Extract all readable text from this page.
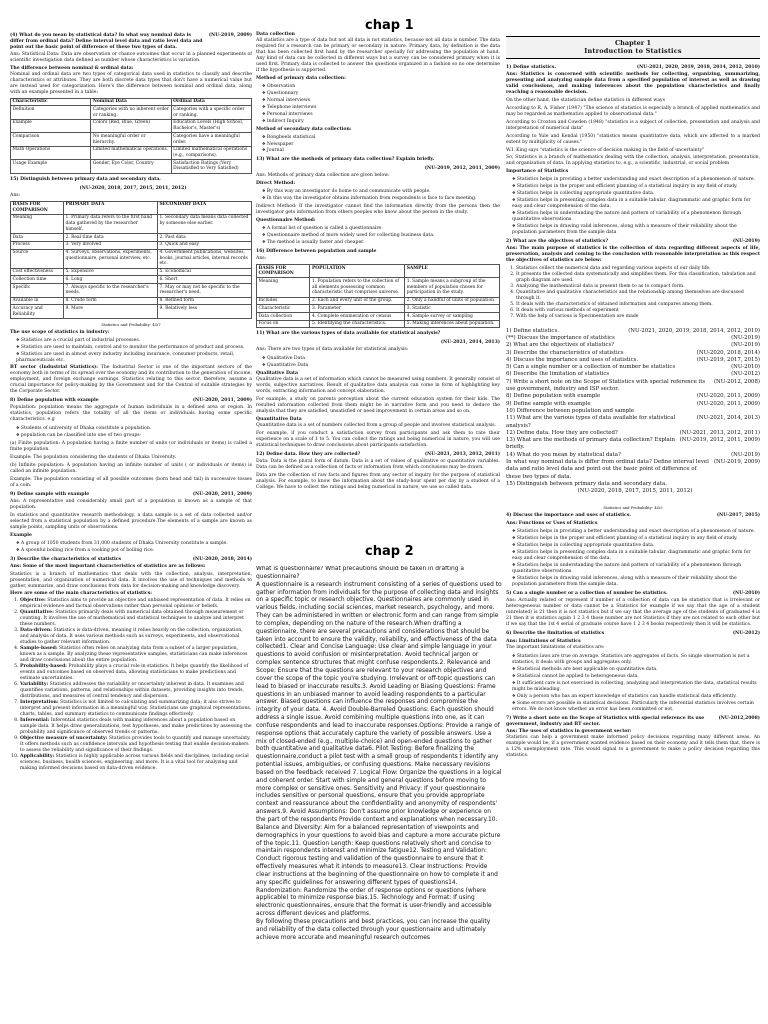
chap 1
chap 2
(4) What do you mean by statistical data? In what way nominal data is differ from ordinal data? Define interval level data and ratio level data and point out the basic point of difference of these two types of data.
(NU-2019, 2009)
Ans: Statistical Data: Data are observation or chance outcomes that occur in a planned experiments of scientific investigation data defined as number whose characteristics is variation.
The difference between nominal & ordinal data:
Nominal and ordinal data are two types of categorical data used in statistics to classify and describe characteristics or attributes. They are both discrete data types that don't have a numerical value but are instead used for categorization. Here's the difference between nominal and ordinal data, along with an example presented in a table:
Characteristic	Nominal Data	Ordinal Data
Definition	Categories with no inherent order or ranking.	Categories with a specific order or ranking.
Example	Colors (Red, Blue, Green)	Education Levels (High School, Bachelor's, Master's)
Comparison	No meaningful order or hierarchy.	Categories have a meaningful order.
Math Operations	Limited mathematical operations.	Limited mathematical operations (e.g., comparisons).
Usage Example	Gender, Eye Color, Country	Satisfaction Ratings (Very Dissatisfied to Very Satisfied)
15) Distinguish between primary data and secondary data.
(NU-2020, 2018, 2017, 2015, 2011, 2012)
Ans:
BASIS FOR COMPARISON	PRIMARY DATA	SECONDARY DATA
Meaning	1. Primary data refers to the first hand data gathered by the researcher himself.	1. Secondary data means data collected by someone else earlier.
Data	2. Real time data	2. Past data
Process	3. Very involved	3. Quick and easy
Source	4. Surveys, observations, experiments, questionnaire, personal interview, etc.	4. Government publications, websites, books, journal articles, internal records etc.
Cost effectiveness	5. Expensive	5. Economical
Collection time	6. Long	6. Short
Specific	7. Always specific to the researcher's needs.	7. May or may not be specific to the researcher's need.
Available in	8. Crude form	8. Refined form
Accuracy and Reliability	9. More	9. Relatively less
Statistics and Probability- 4&7
The use scope of statistics in industry:
❖ Statistics are a crucial part of industrial processes.
❖ Statistics are used to maintain, control and to monitor the performance of product and process.
❖ Statistics are used in almost every industry including insurance, consumer products, retail, pharmaceuticals etc.
BT sector (Industrial Statistics): The Industrial Sector is one of the important sectors of the economy both in terms of its spread over the economy and its contribution to the generation of income, employment, and foreign exchange earnings. Statistics relating to this sector, therefore, assume a crucial importance for policy-making by the Government and for the Central of suitable strategies by the Corporate Sector.
8) Define population with example	(NU-2020, 2011, 2009)
Population: population means the aggregate of human individuals in a defined area or region. In statistics, population refers the totality of all the items or individuals having some specific characteristics. e.g
❖ Students of university of Dhaka constitute a population.
❖ population can be classified into one of two groups-
(a) Finite population: A population having a finite number of units (or individuals or items) is called a finite population.
Example: The population considering the students of Dhaka University.
(b) Infinite population: A population having an infinite number of units ( or individuals or items) is called an infinite population.
Example: The population consisting of all possible outcomes (born head and tail) in successive tosses of a coin.
9) Define sample with example	(NU-2020, 2011, 2009)
Ans: A representative and considerably small part of a population is known as a sample of that population.
In statistics and quantitative research methodology, a data sample is a set of data collected and/or selected from a statistical population by a defined procedure.The elements of a sample are known as sample points, sampling units or observations.
Example
❖ A group of 1050 students from 31,000 students of Dhaka University constitute a sample.
❖ A spoonful boiling rice from a cooking pot of boiling rice.
3) Describe the characteristics of statistics	(NU-2020, 2018, 2014)
Ans: Some of the most important characteristics of statistics are as follows:
Statistics is a branch of mathematics that deals with the collection, analysis, interpretation, presentation, and organization of numerical data. It involves the use of techniques and methods to gather, summarize, and draw conclusions from data for decision-making and knowledge discovery.
Here are some of the main characteristics of statistics:
1. Objective: Statistics aims to provide an objective and unbiased representation of data. It relies on empirical evidence and factual observations rather than personal opinions or beliefs.
2. Quantitative: Statistics primarily deals with numerical data obtained through measurement or counting. It involves the use of mathematical and statistical techniques to analyze and interpret these numbers.
3. Data-driven: Statistics is data-driven, meaning it relies heavily on the collection, organization, and analysis of data. It uses various methods such as surveys, experiments, and observational studies to gather relevant information.
4. Sample-based: Statistics often relies on analyzing data from a subset of a larger population, known as a sample. By analyzing these representative samples, statisticians can make inferences and draw conclusions about the entire population.
5. Probability-based: Probability plays a crucial role in statistics. It helps quantify the likelihood of events and outcomes based on observed data, allowing statisticians to make predictions and estimate uncertainties.
6. Variability: Statistics addresses the variability or uncertainty inherent in data. It examines and quantifies variations, patterns, and relationships within datasets, providing insights into trends, distributions, and measures of central tendency and dispersion.
7. Interpretation: Statistics is not limited to calculating and summarizing data; it also strives to interpret and present information in a meaningful way. Statisticians use graphical representations, charts, tables, and summary statistics to communicate findings effectively.
8. Inferential: Inferential statistics deals with making inferences about a population based on sample data. It helps draw generalizations, test hypotheses, and make predictions by assessing the probability and significance of observed trends or patterns.
9. Objective measure of uncertainty: Statistics provides tools to quantify and manage uncertainty. It offers methods such as confidence intervals and hypothesis testing that enable decision-makers to assess the reliability and significance of their findings.
10. Applicability: Statistics is highly applicable across various fields and disciplines, including social sciences, business, health sciences, engineering, and more. It is a vital tool for analyzing and making informed decisions based on data-driven evidence.
Data collection
All statistics are a type of data but not all data is not statistics, because not all data is number. The data required for a research can be primary or secondary in nature. Primary data, by definition is the data that has been collected first hand by the researcher specially for addressing the population at hand. Any kind of data can be collected in different ways but a survey can be considered primary when it is used first. Primary data is collected to answer the questions organized in a fashion so no one determine if the hypothesis is supported.
Method of primary data collection:
❖ Observation
❖ Questionnary
❖ Normal interviews
❖ Telephone interviews
❖ Personal interviews
❖ Indirect Inquiry
Method of secondary data collection:
❖ Rongbeels statistical
❖ Newspaper
❖ Journal
13) What are the methods of primary data collection? Explain briefly.
(NU-2019, 2012, 2011, 2009)
Ans: Methods of primary data collection are given below:
Direct Method:
❖ By this way an investigator do home to and communicate with people.
❖ In this way the investigator obtains information from respondents is face to face meeting.
Indirect Method: If the investigator cannot find the information directly from the persons then the investigator gets information from others peoples who know about the person in the study.
Questionnaire Method:
❖ A formal list of question is called a questionnaire.
❖ Questionnaire method of more widely used for collecting business data.
❖ The method is usually faster and cheaper.
16) Difference between population and sample
Ans:
BASIS FOR COMPARISON	POPULATION	SAMPLE
Meaning	1. Population refers to the collection of all elements possessing common characteristic that comprises universe.	1. Sample means a subgroup of the members of population chosen for participation in the study.
Includes	2. Each and every unit of the group.	2. Only a handful of units of population.
Characteristic	3. Parameter	3. Statistic
Data collection	4. Complete enumeration or census	4. Sample survey or sampling
Focus on	5. Identifying the characteristics.	5. Making inferences about population.
11) What are the various types of data available for statistical analysis?
(NU-2021, 2014, 2013)
Ans: There are two types of data available for statistical analysis:
❖ Qualitative Data
❖ Quantitative Data
Qualitative Data
Qualitative data is a set of information which cannot be measured using numbers. It generally consist of words, subjective narratives. Result of qualitative data analysis can come in form of highlighting key words, extracting information and concept elaboration.
For example, a study on parents perception about the current education system for their kids. The resulted information collected from them might be in narrative form and you need to deduce the analysis that they are satisfied, unsatisfied or need improvement in certain areas and so on.
Quantitative Data
Quantitative data is a set of numbers collected from a group of people and involves statistical analysis.
For example, if you conduct a satisfaction survey from participants and ask them to rate their experience on a scale of 1 to 5. You can collect the ratings and being numerical in nature, you will use statistical techniques to draw conclusions about participants satisfaction.
12) Define data. How they are collected?	(NU-2021, 2013, 2012, 2011)
Data: Data is the plural form of datum. Data is a set of values of qualitative or quantitative variables. Data can be defined as a collection of facts or information from which conclusions may be drawn.
Data are the collection of raw facts and figures from any sector of inquiry for the purpose of statistical analysis. For example, to know the information about the study-hour spent per day by a student of a College. We have to collect the ratings and being numerical in nature, we use so called data.
Chapter 1
Introduction to Statistics
1) Define statistics.	(NU-2021, 2020, 2019, 2018, 2014, 2012, 2010)
Ans: Statistics is concerned with scientific methods for collecting, organizing, summarizing, presenting and analyzing sample data from a specified population of interest as well as drawing valid conclusions, and making inferences about the population characteristics and finally reaching a reasonable decision.
On the other hand, the statistician define statistics in different ways
According to R. A. Fisher (1947) "The science of statistics is especially a branch of applied mathematics and may be regarded as mathematics applied to observational data."
According to Croxton and Cowden (1948) "statistics is a subject of collection, presentation and analysis and interpretation of numerical data"
According to Yule and Kendal (1950) "statistics means quantitative data, which are affected to a marked extent by multiplicity of causes."
W.I. King says "statistics is the science of decision making in the field of uncertainty"
So, Statistics is a branch of mathematics dealing with the collection, analysis, interpretation, presentation, and organization of data. In applying statistics to, e.g., a scientific, industrial, or social problem
Importance of Statistics
❖ Statistics helps in providing a better understanding and exact description of a phenomenon of nature.
❖ Statistics helps in the proper and efficient planning of a statistical inquiry in any field of study.
❖ Statistics helps in collecting appropriate quantitative data.
❖ Statistics helps in presenting complex data in a suitable tabular, diagrammatic and graphic form for easy and clear comprehension of the data.
❖ Statistics helps in understanding the nature and pattern of variability of a phenomenon through quantitative observations.
❖ Statistics helps in drawing valid inferences, along with a measure of their reliability about the population parameters from the sample data
2) What are the objectives of statistics?	(NU-2019)
Ans: The main purpose of statistics is the collection of data regarding different aspects of life, preservation, analysis and coming to the conclusion with reasonable interpretation as this respect the objectives of statistics are below:
1. Statistics collect the numerical data and regarding various aspects of our daily life.
2. It presents the collected data systematically and simplifies them. For this classification, tabulation and graph diagram are used.
3. Analyzing the mathematical data is present them to as to compact form.
4. Quantitative and qualitative characteristics and the relationship among themselves are discussed through it.
5. It deals with the characteristics of obtained information and compares among them.
6. It deals with various methods of experiment
7. With the help of various is Specimentation are made
1) Define statistics.	(NU-2021, 2020, 2019, 2018, 2014, 2012, 2010)
(**) Discuss the importance of statistics	(NU-2019)
2) What are the objectives of statistics?	(NU-2019)
3) Describe the characteristics of statistics	(NU-2020, 2018, 2014)
4) Discuss the importance and uses of statistics.	(NU-2019, 2017, 2015)
5) Can a single number or a collection of number be statistics	(NU-2010)
6) Describe the limitation of statistics	(NU-2012)
7) Write a short note on the Scope of Statistics with special reference its use government, industry and ISP sector.
(NU-2012, 2008)
8) Define population with example	(NU-2020, 2011, 2009)
9) Define sample with example	(NU-2020, 2011, 2009)
10) Difference between population and sample
11) What are the various types of data available for statistical analysis?
(NU-2021, 2014, 2013)
12) Define data. How they are collected?	(NU-2021, 2013, 2012, 2011)
13) What are the methods of primary data collection? Explain briefly.
(NU-2019, 2012, 2011, 2009)
14) What do you mean by statistical data?	(NU-2019)
In what way nominal data is differ from ordinal data? Define interval level data and ratio level data and point out the basic point of difference of these two types of data.
(NU-2019, 2009)
15) Distinguish between primary data and secondary data.
(NU-2020, 2018, 2017, 2015, 2011, 2012)
Statistics and Probability- 4&5
4) Discuss the importance and uses of statistics.	(NU-2017, 2015)
Ans: Functions or Uses of Statistics
❖ Statistics helps in providing a better understanding and exact description of a phenomenon of nature.
❖ Statistics helps in the proper and efficient planning of a statistical inquiry in any field of study.
❖ Statistics helps in collecting appropriate quantitative data.
❖ Statistics helps in presenting complex data in a suitable tabular, diagrammatic and graphic form for easy and clear comprehension of the data.
❖ Statistics helps in understanding the nature and pattern of variability of a phenomenon through quantitative observations.
❖ Statistics helps in drawing valid inferences, along with a measure of their reliability about the population parameters from the sample data.
5) Can a single number or a collection of number be statistics.	(NU-2010)
Ans: Actually related or represent if number of a collection of data can be statistics that is irrelevant or heterogeneous number or data cannot be a Statistics for example if we say that the age of a student (unrelated) is 21 then it is not statistics but if we say that the average age of the students of graduated 4 is 21 then it is statistics again 1 2 3 4 those number are not Statistics if they are not related to each other but if we say that the 1st 4 serial of graduate course have 1 2 3 4 books respectively then it will be statistics.
6) Describe the limitation of statistics	(NU-2012)
Ans: Limitations of Statistics
The important limitations of statistics are:
❖ Statistics laws are true on average. Statistics are aggregates of facts. So single observation is not a statistics, it deals with groups and aggregates only.
❖ Statistical methods are best applicable on quantitative data.
❖ Statistical cannot be applied to heterogeneous data.
❖ It sufficient care is not exercised in collecting, analyzing and interpretation the data, statistical results might be misleading.
❖ Only a person who has an expert knowledge of statistics can handle statistical data efficiently.
❖ Some errors are possible in statistical decisions. Particularly the inferential statistics involves certain errors. We do not know whether an error has been committed or not.
7) Write a short note on the Scope of Statistics with special reference its use government, industry and BT sector.
(NU-2012,2008)
Ans: The uses of statistics in government sector:
Statistics can help a government make informed policy decisions regarding many different areas. An example would be, if a government wanted evidence based on their economy and it tells them that, there is a 12% unemployment rate. This would signal to a government to make a policy decision regarding this statistics.

What is questionnaire? What precautions should be taken in drafting a questionnaire?

A questionnaire is a research instrument consisting of a series of questions used to gather information from individuals for the purpose of collecting data and insights on a specific topic or research objective. Questionnaires are commonly used in various fields, including social sciences, market research, psychology, and more. They can be administered in written or electronic form and can range from simple to complex, depending on the nature of the research.When drafting a questionnaire, there are several precautions and considerations that should be taken into account to ensure the validity, reliability, and effectiveness of the data collected1. Clear and Concise Language: Use clear and simple language in your questions to avoid confusion or misinterpretation. Avoid technical jargon or complex sentence structures that might confuse respondents.2. Relevance and Scope: Ensure that the questions are relevant to your research objectives and cover the scope of the topic you're studying. Irrelevant or off-topic questions can lead to biased or inaccurate results.3. Avoid Leading or Biasing Questions: Frame questions in an unbiased manner to avoid leading respondents to a particular answer. Biased questions can influence the responses and compromise the integrity of your data. 4. Avoid Double-Barreled Questions: Each question should address a single issue. Avoid combining multiple questions into one, as it can confuse respondents and lead to inaccurate responses.Options: Provide a range of response options that accurately capture the variety of possible answers. Use a mix of closed-ended (e.g., multiple-choice) and open-ended questions to gather both quantitative and qualitative data6. Pilot Testing: Before finalizing the questionnaire,conduct a pilot test with a small group of respondents t identify any potential issues, ambiguities, or confusing questions. Make necessary revisions based on the feedback received 7. Logical Flow: Organize the questions in a logical and coherent order. Start with simple and general questions before moving to more complex or sensitive ones. Sensitivity and Privacy: If your questionnaire includes sensitive or personal questions, ensure that you provide appropriate context and reassurance about the confidentiality and anonymity of respondents' answers.9. Avoid Assumptions: Don't assume prior knowledge or experience on the part of the respondents Provide context and explanations when necessary.10. Balance and Diversity: Aim for a balanced representation of viewpoints and demographics in your questions to avoid bias and capture a more accurate picture of the topic.11. Question Length: Keep questions relatively short and concise to maintain respondents interest and minimize fatigue12. Testing and Validation: Conduct rigorous testing and validation of the questionnaire to ensure that it effectively measures what it intends to measure13. Clear Instructions: Provide clear instructions at the beginning of the questionnaire on how to complete it and any specific guidelines for answering different types of questions14. Randomization: Randomize the order of response options or questions (where applicable) to minimize response bias.15. Technology and Format: If using electronic questionnaires, ensure that the format is user-friendly and accessible across different devices and platforms.

By following these precautions and best practices, you can increase the quality and reliability of the data collected through your questionnaire and ultimately achieve more accurate and meaningful research outcomes
